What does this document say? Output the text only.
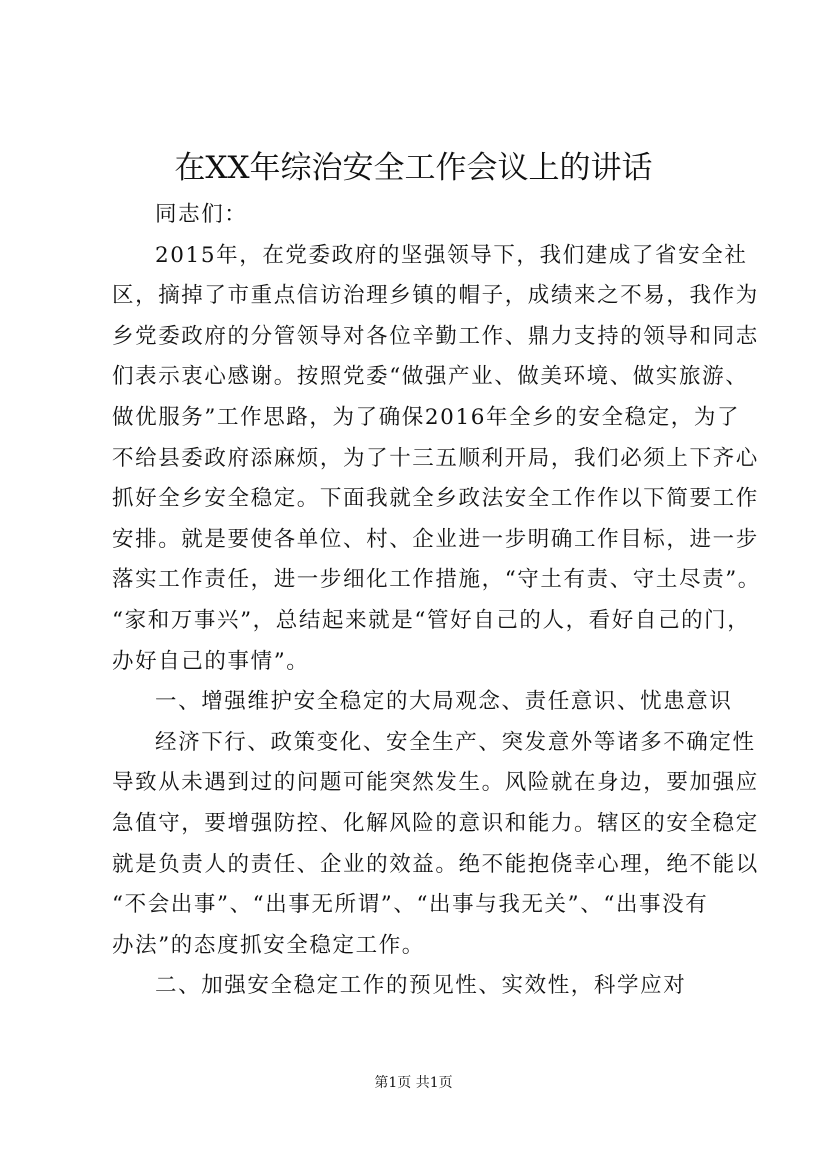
在XX年综治安全工作会议上的讲话

同志们：

2015年，在党委政府的坚强领导下，我们建成了省安全社

区，摘掉了市重点信访治理乡镇的帽子，成绩来之不易，我作为

乡党委政府的分管领导对各位辛勤工作、鼎力支持的领导和同志

们表示衷心感谢。按照党委“做强产业、做美环境、做实旅游、

做优服务”工作思路，为了确保2016年全乡的安全稳定，为了

不给县委政府添麻烦，为了十三五顺利开局，我们必须上下齐心

抓好全乡安全稳定。下面我就全乡政法安全工作作以下简要工作

安排。就是要使各单位、村、企业进一步明确工作目标，进一步

落实工作责任，进一步细化工作措施，“守土有责、守土尽责”。

“家和万事兴”，总结起来就是“管好自己的人，看好自己的门，

办好自己的事情”。

一、增强维护安全稳定的大局观念、责任意识、忧患意识

经济下行、政策变化、安全生产、突发意外等诸多不确定性

导致从未遇到过的问题可能突然发生。风险就在身边，要加强应

急值守，要增强防控、化解风险的意识和能力。辖区的安全稳定

就是负责人的责任、企业的效益。绝不能抱侥幸心理，绝不能以

“不会出事”、“出事无所谓”、“出事与我无关”、“出事没有

办法”的态度抓安全稳定工作。

二、加强安全稳定工作的预见性、实效性，科学应对

第1页 共1页
